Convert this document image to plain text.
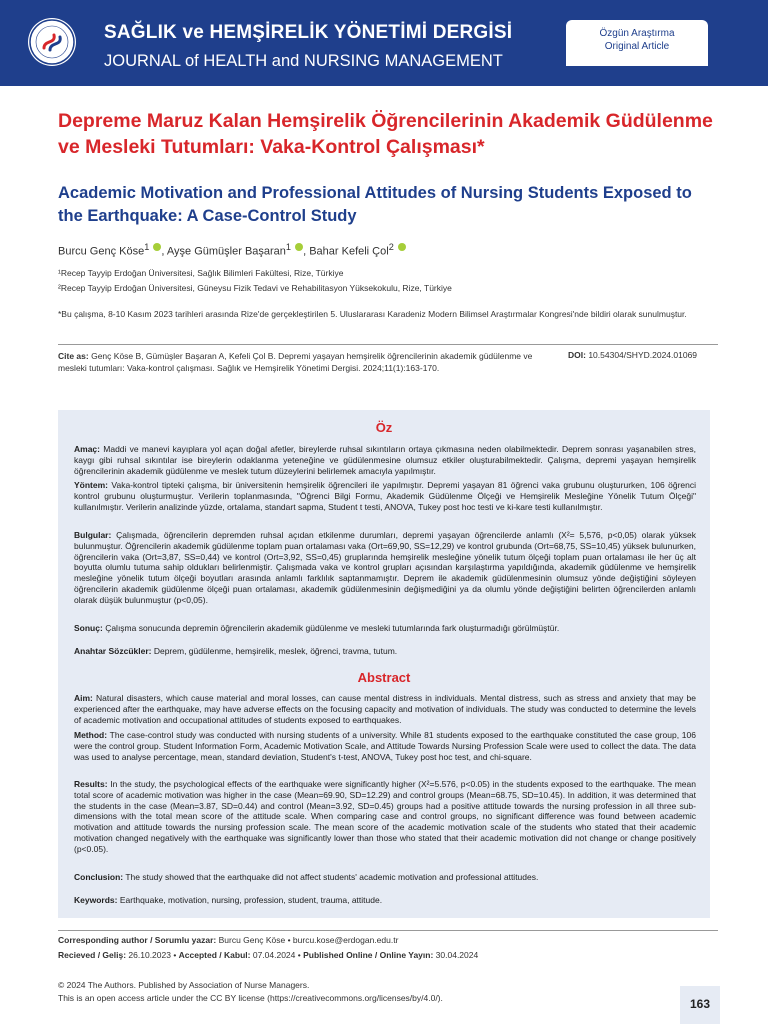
SAĞLIK ve HEMŞİRELİK YÖNETİMİ DERGİSİ
JOURNAL of HEALTH and NURSING MANAGEMENT
Özgün Araştırma
Original Article
Depreme Maruz Kalan Hemşirelik Öğrencilerinin Akademik Güdülenme ve Mesleki Tutumları: Vaka-Kontrol Çalışması*
Academic Motivation and Professional Attitudes of Nursing Students Exposed to the Earthquake: A Case-Control Study
Burcu Genç Köse$^1$ , Ayşe Gümüşler Başaran$^1$ , Bahar Kefeli Çol$^2$
¹Recep Tayyip Erdoğan Üniversitesi, Sağlık Bilimleri Fakültesi, Rize, Türkiye
²Recep Tayyip Erdoğan Üniversitesi, Güneysu Fizik Tedavi ve Rehabilitasyon Yüksekokulu, Rize, Türkiye
*Bu çalışma, 8-10 Kasım 2023 tarihleri arasında Rize'de gerçekleştirilen 5. Uluslararası Karadeniz Modern Bilimsel Araştırmalar Kongresi'nde bildiri olarak sunulmuştur.
Cite as: Genç Köse B, Gümüşler Başaran A, Kefeli Çol B. Depremi yaşayan hemşirelik öğrencilerinin akademik güdülenme ve mesleki tutumları: Vaka-kontrol çalışması. Sağlık ve Hemşirelik Yönetimi Dergisi. 2024;11(1):163-170.
DOI: 10.54304/SHYD.2024.01069
Öz
Amaç: Maddi ve manevi kayıplara yol açan doğal afetler, bireylerde ruhsal sıkıntıların ortaya çıkmasına neden olabilmektedir. Deprem sonrası yaşanabilen stres, kaygı gibi ruhsal sıkıntılar ise bireylerin odaklanma yeteneğine ve güdülenmesine olumsuz etkiler oluşturabilmektedir. Çalışma, depremi yaşayan hemşirelik öğrencilerinin akademik güdülenme ve meslek tutum düzeylerini belirlemek amacıyla yapılmıştır.
Yöntem: Vaka-kontrol tipteki çalışma, bir üniversitenin hemşirelik öğrencileri ile yapılmıştır. Depremi yaşayan 81 öğrenci vaka grubunu oluştururken, 106 öğrenci kontrol grubunu oluşturmuştur. Verilerin toplanmasında, "Öğrenci Bilgi Formu, Akademik Güdülenme Ölçeği ve Hemşirelik Mesleğine Yönelik Tutum Ölçeği" kullanılmıştır. Verilerin analizinde yüzde, ortalama, standart sapma, Student t testi, ANOVA, Tukey post hoc testi ve ki-kare testi kullanılmıştır.
Bulgular: Çalışmada, öğrencilerin depremden ruhsal açıdan etkilenme durumları, depremi yaşayan öğrencilerde anlamlı (X²= 5,576, p<0,05) olarak yüksek bulunmuştur. Öğrencilerin akademik güdülenme toplam puan ortalaması vaka (Ort=69,90, SS=12,29) ve kontrol grubunda (Ort=68,75, SS=10,45) yüksek bulunurken, öğrencilerin vaka (Ort=3,87, SS=0,44) ve kontrol (Ort=3,92, SS=0,45) gruplarında hemşirelik mesleğine yönelik tutum ölçeği toplam puan ortalaması ile her üç alt boyutta olumlu tutuma sahip oldukları belirlenmiştir. Çalışmada vaka ve kontrol grupları açısından karşılaştırma yapıldığında, akademik güdülenme ve hemşirelik mesleğine yönelik tutum ölçeği boyutları arasında anlamlı farklılık saptanmamıştır. Deprem ile akademik güdülenmesinin olumsuz yönde değiştiğini söyleyen öğrencilerin akademik güdülenme ölçeği puan ortalaması, akademik güdülenmesinin değişmediğini ya da olumlu yönde değiştiğini belirten öğrencilerden anlamlı olarak düşük bulunmuştur (p<0,05).
Sonuç: Çalışma sonucunda depremin öğrencilerin akademik güdülenme ve mesleki tutumlarında fark oluşturmadığı görülmüştür.
Anahtar Sözcükler: Deprem, güdülenme, hemşirelik, meslek, öğrenci, travma, tutum.
Abstract
Aim: Natural disasters, which cause material and moral losses, can cause mental distress in individuals. Mental distress, such as stress and anxiety that may be experienced after the earthquake, may have adverse effects on the focusing capacity and motivation of individuals. The study was conducted to determine the levels of academic motivation and occupational attitudes of students exposed to earthquakes.
Method: The case-control study was conducted with nursing students of a university. While 81 students exposed to the earthquake constituted the case group, 106 were the control group. Student Information Form, Academic Motivation Scale, and Attitude Towards Nursing Profession Scale were used to collect the data. The data was used to analyse percentage, mean, standard deviation, Student's t-test, ANOVA, Tukey post hoc test, and chi-square.
Results: In the study, the psychological effects of the earthquake were significantly higher (X²=5.576, p<0.05) in the students exposed to the earthquake. The mean total score of academic motivation was higher in the case (Mean=69.90, SD=12.29) and control groups (Mean=68.75, SD=10.45). In addition, it was determined that the students in the case (Mean=3.87, SD=0.44) and control (Mean=3.92, SD=0.45) groups had a positive attitude towards the nursing profession in all three sub-dimensions with the total mean score of the attitude scale. When comparing case and control groups, no significant difference was found between academic motivation and attitude towards the nursing profession scale. The mean score of the academic motivation scale of the students who stated that their academic motivation changed negatively with the earthquake was significantly lower than those who stated that their academic motivation did not change or change positively (p<0.05).
Conclusion: The study showed that the earthquake did not affect students' academic motivation and professional attitudes.
Keywords: Earthquake, motivation, nursing, profession, student, trauma, attitude.
Corresponding author / Sorumlu yazar: Burcu Genç Köse • burcu.kose@erdogan.edu.tr
Recieved / Geliş: 26.10.2023 • Accepted / Kabul: 07.04.2024 • Published Online / Online Yayın: 30.04.2024
© 2024 The Authors. Published by Association of Nurse Managers.
This is an open access article under the CC BY license (https://creativecommons.org/licenses/by/4.0/).	163
